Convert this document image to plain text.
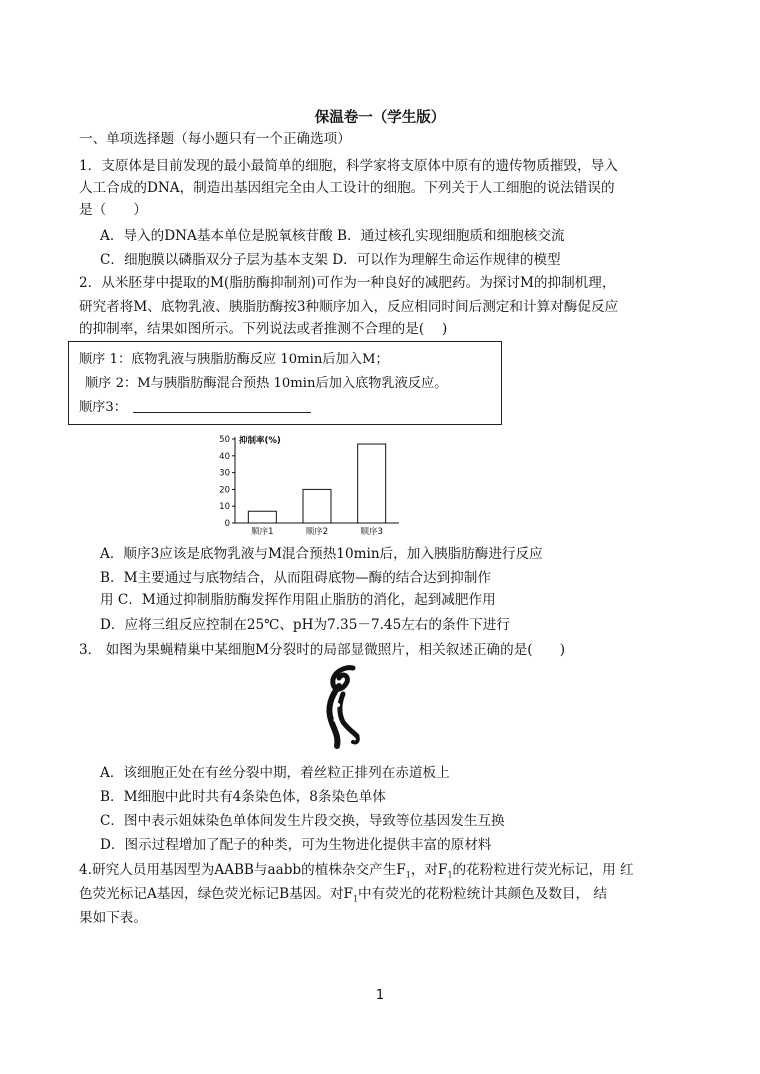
保温卷一（学生版）
一、单项选择题（每小题只有一个正确选项）
1．支原体是目前发现的最小最简单的细胞，科学家将支原体中原有的遗传物质摧毁，导入
人工合成的DNA，制造出基因组完全由人工设计的细胞。下列关于人工细胞的说法错误的
是（　　）
A．导入的DNA基本单位是脱氧核苷酸 B．通过核孔实现细胞质和细胞核交流
C．细胞膜以磷脂双分子层为基本支架 D．可以作为理解生命运作规律的模型
2．从米胚芽中提取的M(脂肪酶抑制剂)可作为一种良好的减肥药。为探讨M的抑制机理，
研究者将M、底物乳液、胰脂肪酶按3种顺序加入，反应相同时间后测定和计算对酶促反应
的抑制率，结果如图所示。下列说法或者推测不合理的是(　 )
顺序 1：底物乳液与胰脂肪酶反应 10min后加入M；
顺序 2：M与胰脂肪酶混合预热 10min后加入底物乳液反应。
顺序3：
0
10
20
30
40
50 抑制率(%)
顺序1	顺序2	顺序3
A．顺序3应该是底物乳液与M混合预热10min后，加入胰脂肪酶进行反应
B．M主要通过与底物结合，从而阻碍底物—酶的结合达到抑制作
用 C．M通过抑制脂肪酶发挥作用阻止脂肪的消化，起到减肥作用
D．应将三组反应控制在25℃、pH为7.35－7.45左右的条件下进行
3． 如图为果蝇精巢中某细胞M分裂时的局部显微照片，相关叙述正确的是(　　)
A．该细胞正处在有丝分裂中期，着丝粒正排列在赤道板上
B．M细胞中此时共有4条染色体，8条染色单体
C．图中表示姐妹染色单体间发生片段交换，导致等位基因发生互换
D．图示过程增加了配子的种类，可为生物进化提供丰富的原材料
4.研究人员用基因型为AABB与aabb的植株杂交产生$F_1$，对$F_1$的花粉粒进行荧光标记，用 红
色荧光标记A基因，绿色荧光标记B基因。对$F_1$中有荧光的花粉粒统计其颜色及数目， 结
果如下表。
1
